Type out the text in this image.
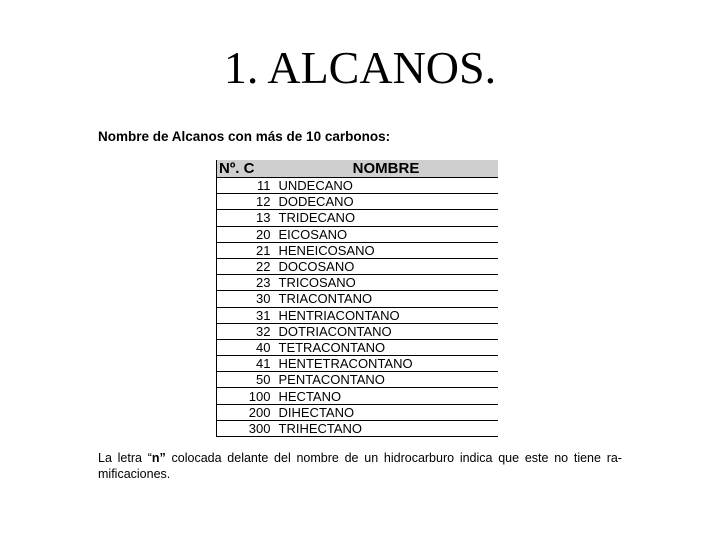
1. ALCANOS.
Nombre de Alcanos con más de 10 carbonos:
Nº. C	NOMBRE
11	UNDECANO
12	DODECANO
13	TRIDECANO
20	EICOSANO
21	HENEICOSANO
22	DOCOSANO
23	TRICOSANO
30	TRIACONTANO
31	HENTRIACONTANO
32	DOTRIACONTANO
40	TETRACONTANO
41	HENTETRACONTANO
50	PENTACONTANO
100	HECTANO
200	DIHECTANO
300	TRIHECTANO
La letra “n” colocada delante del nombre de un hidrocarburo indica que este no tiene ra-mificaciones.
